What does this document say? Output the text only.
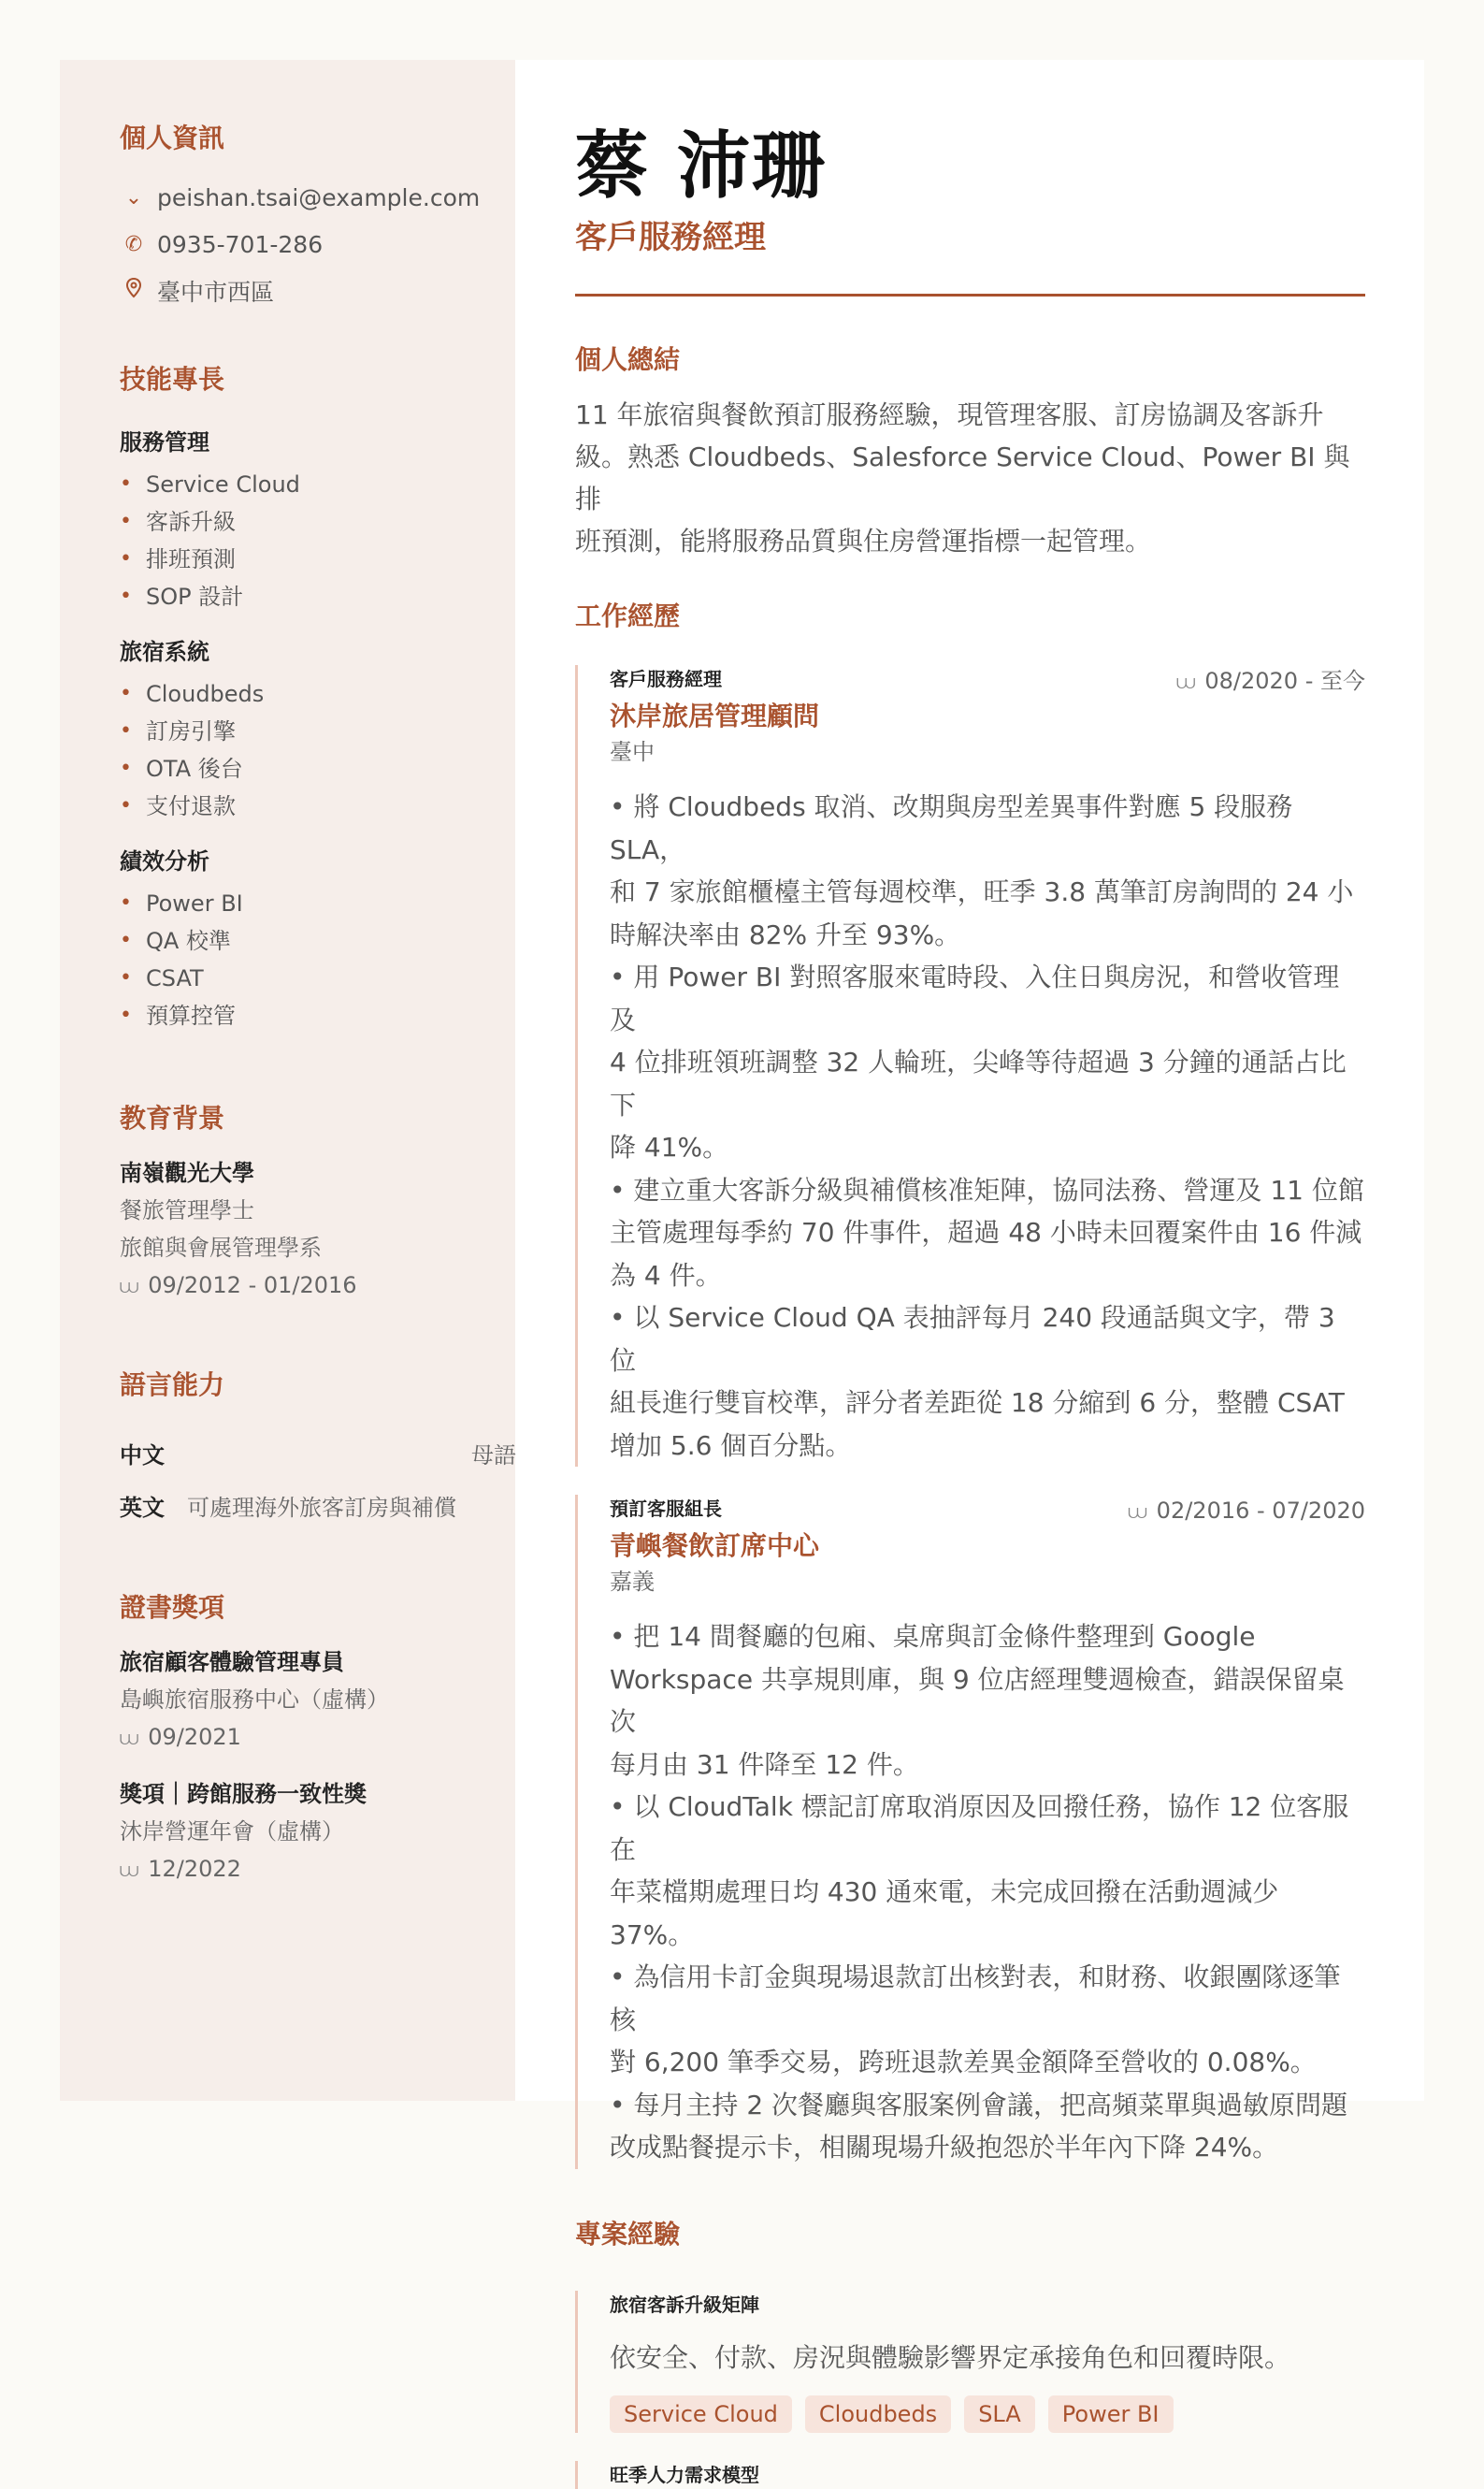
個人資訊
⌄ peishan.tsai@example.com
✆ 0935-701-286
臺中市西區
技能專長
服務管理
• Service Cloud
• 客訴升級
• 排班預測
• SOP 設計
旅宿系統
• Cloudbeds
• 訂房引擎
• OTA 後台
• 支付退款
績效分析
• Power BI
• QA 校準
• CSAT
• 預算控管
教育背景
南嶺觀光大學
餐旅管理學士
旅館與會展管理學系
⩊ 09/2012 - 01/2016
語言能力
中文	母語
英文 可處理海外旅客訂房與補償
證書獎項
旅宿顧客體驗管理專員
島嶼旅宿服務中心（虛構）
⩊ 09/2021
獎項｜跨館服務一致性獎
沐岸營運年會（虛構）
⩊ 12/2022
蔡 沛珊
客戶服務經理
個人總結
11 年旅宿與餐飲預訂服務經驗，現管理客服、訂房協調及客訴升
級。熟悉 Cloudbeds、Salesforce Service Cloud、Power BI 與排
班預測，能將服務品質與住房營運指標一起管理。
工作經歷
客戶服務經理	⩊ 08/2020 - 至今
沐岸旅居管理顧問
臺中

• 將 Cloudbeds 取消、改期與房型差異事件對應 5 段服務 SLA，

和 7 家旅館櫃檯主管每週校準，旺季 3.8 萬筆訂房詢問的 24 小

時解決率由 82% 升至 93%。

• 用 Power BI 對照客服來電時段、入住日與房況，和營收管理及

4 位排班領班調整 32 人輪班，尖峰等待超過 3 分鐘的通話占比下

降 41%。

• 建立重大客訴分級與補償核准矩陣，協同法務、營運及 11 位館

主管處理每季約 70 件事件，超過 48 小時未回覆案件由 16 件減

為 4 件。

• 以 Service Cloud QA 表抽評每月 240 段通話與文字，帶 3 位

組長進行雙盲校準，評分者差距從 18 分縮到 6 分，整體 CSAT

增加 5.6 個百分點。

預訂客服組長	⩊ 02/2016 - 07/2020
青嶼餐飲訂席中心
嘉義

• 把 14 間餐廳的包廂、桌席與訂金條件整理到 Google

Workspace 共享規則庫，與 9 位店經理雙週檢查，錯誤保留桌次

每月由 31 件降至 12 件。

• 以 CloudTalk 標記訂席取消原因及回撥任務，協作 12 位客服在

年菜檔期處理日均 430 通來電，未完成回撥在活動週減少 37%。

• 為信用卡訂金與現場退款訂出核對表，和財務、收銀團隊逐筆核

對 6,200 筆季交易，跨班退款差異金額降至營收的 0.08%。

• 每月主持 2 次餐廳與客服案例會議，把高頻菜單與過敏原問題

改成點餐提示卡，相關現場升級抱怨於半年內下降 24%。

專案經驗
旅宿客訴升級矩陣
依安全、付款、房況與體驗影響界定承接角色和回覆時限。
Service Cloud	Cloudbeds	SLA	Power BI
旺季人力需求模型
